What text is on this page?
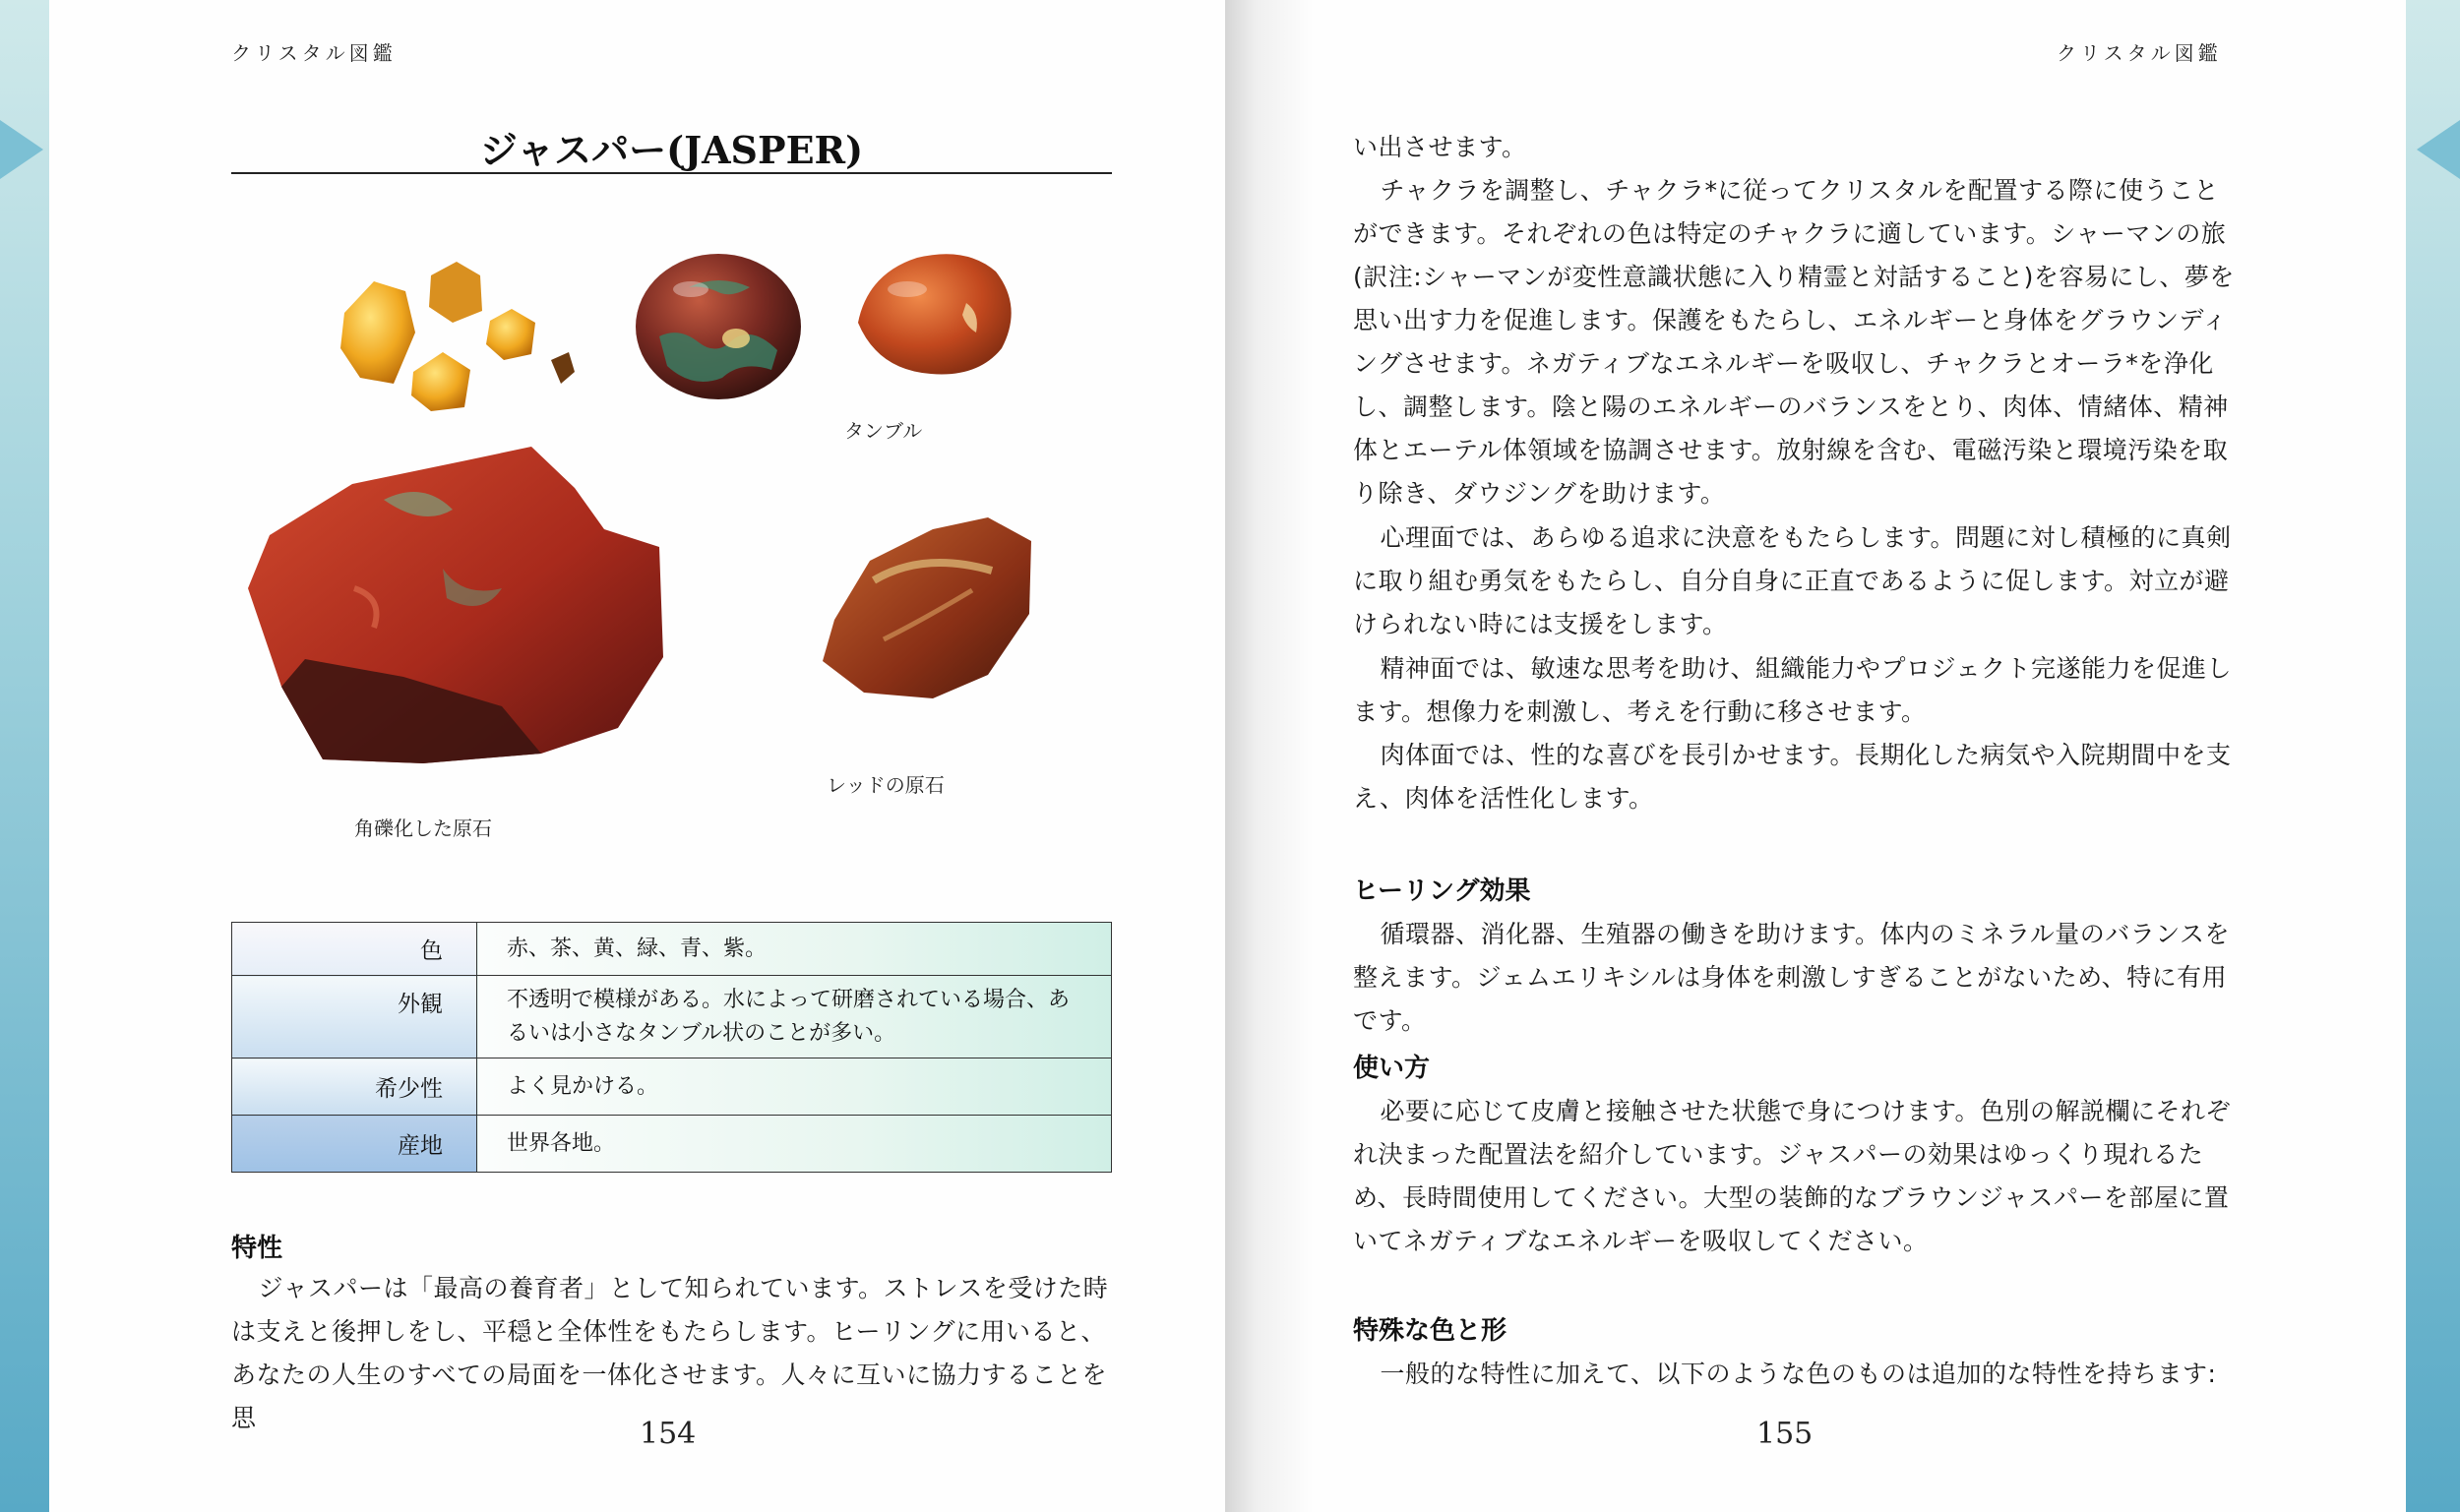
クリスタル図鑑
ジャスパー(JASPER)
タンブル
レッドの原石
角礫化した原石
色	赤、茶、黄、緑、青、紫。
外観	不透明で模様がある。水によって研磨されている場合、あるいは小さなタンブル状のことが多い。
希少性	よく見かける。
産地	世界各地。
特性
ジャスパーは「最高の養育者」として知られています。ストレスを受けた時は支えと後押しをし、平穏と全体性をもたらします。ヒーリングに用いると、あなたの人生のすべての局面を一体化させます。人々に互いに協力することを思	154
クリスタル図鑑
い出させます。
チャクラを調整し、チャクラ*に従ってクリスタルを配置する際に使うことができます。それぞれの色は特定のチャクラに適しています。シャーマンの旅(訳注:シャーマンが変性意識状態に入り精霊と対話すること)を容易にし、夢を思い出す力を促進します。保護をもたらし、エネルギーと身体をグラウンディングさせます。ネガティブなエネルギーを吸収し、チャクラとオーラ*を浄化し、調整します。陰と陽のエネルギーのバランスをとり、肉体、情緒体、精神体とエーテル体領域を協調させます。放射線を含む、電磁汚染と環境汚染を取り除き、ダウジングを助けます。
心理面では、あらゆる追求に決意をもたらします。問題に対し積極的に真剣に取り組む勇気をもたらし、自分自身に正直であるように促します。対立が避けられない時には支援をします。
精神面では、敏速な思考を助け、組織能力やプロジェクト完遂能力を促進します。想像力を刺激し、考えを行動に移させます。
肉体面では、性的な喜びを長引かせます。長期化した病気や入院期間中を支え、肉体を活性化します。
ヒーリング効果
循環器、消化器、生殖器の働きを助けます。体内のミネラル量のバランスを整えます。ジェムエリキシルは身体を刺激しすぎることがないため、特に有用です。
使い方
必要に応じて皮膚と接触させた状態で身につけます。色別の解説欄にそれぞれ決まった配置法を紹介しています。ジャスパーの効果はゆっくり現れるため、長時間使用してください。大型の装飾的なブラウンジャスパーを部屋に置いてネガティブなエネルギーを吸収してください。
特殊な色と形
一般的な特性に加えて、以下のような色のものは追加的な特性を持ちます:
155
